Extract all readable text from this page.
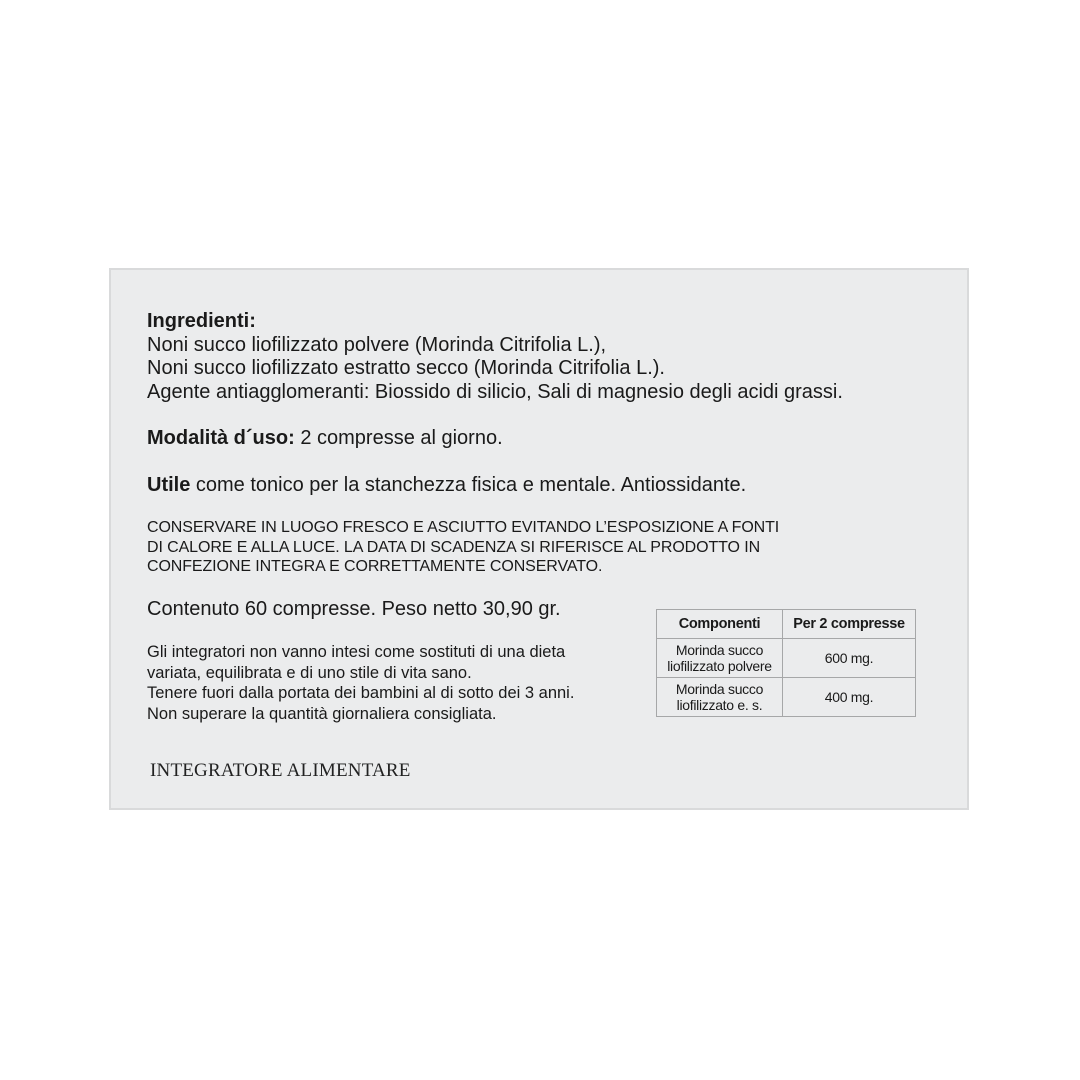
Ingredienti:

Noni succo liofilizzato polvere (Morinda Citrifolia L.),

Noni succo liofilizzato estratto secco (Morinda Citrifolia L.).

Agente antiagglomeranti: Biossido di silicio, Sali di magnesio degli acidi grassi.

Modalità d´uso: 2 compresse al giorno.

Utile come tonico per la stanchezza fisica e mentale. Antiossidante.

CONSERVARE IN LUOGO FRESCO E ASCIUTTO EVITANDO L’ESPOSIZIONE A FONTI

DI CALORE E ALLA LUCE. LA DATA DI SCADENZA SI RIFERISCE AL PRODOTTO IN

CONFEZIONE INTEGRA E CORRETTAMENTE CONSERVATO.

Contenuto 60 compresse. Peso netto 30,90 gr.

Gli integratori non vanno intesi come sostituti di una dieta

variata, equilibrata e di uno stile di vita sano.

Tenere fuori dalla portata dei bambini al di sotto dei 3 anni.

Non superare la quantità giornaliera consigliata.

Componenti	Per 2 compresse
Morinda succo
liofilizzato polvere	600 mg.
Morinda succo
liofilizzato e. s.	400 mg.

INTEGRATORE ALIMENTARE
